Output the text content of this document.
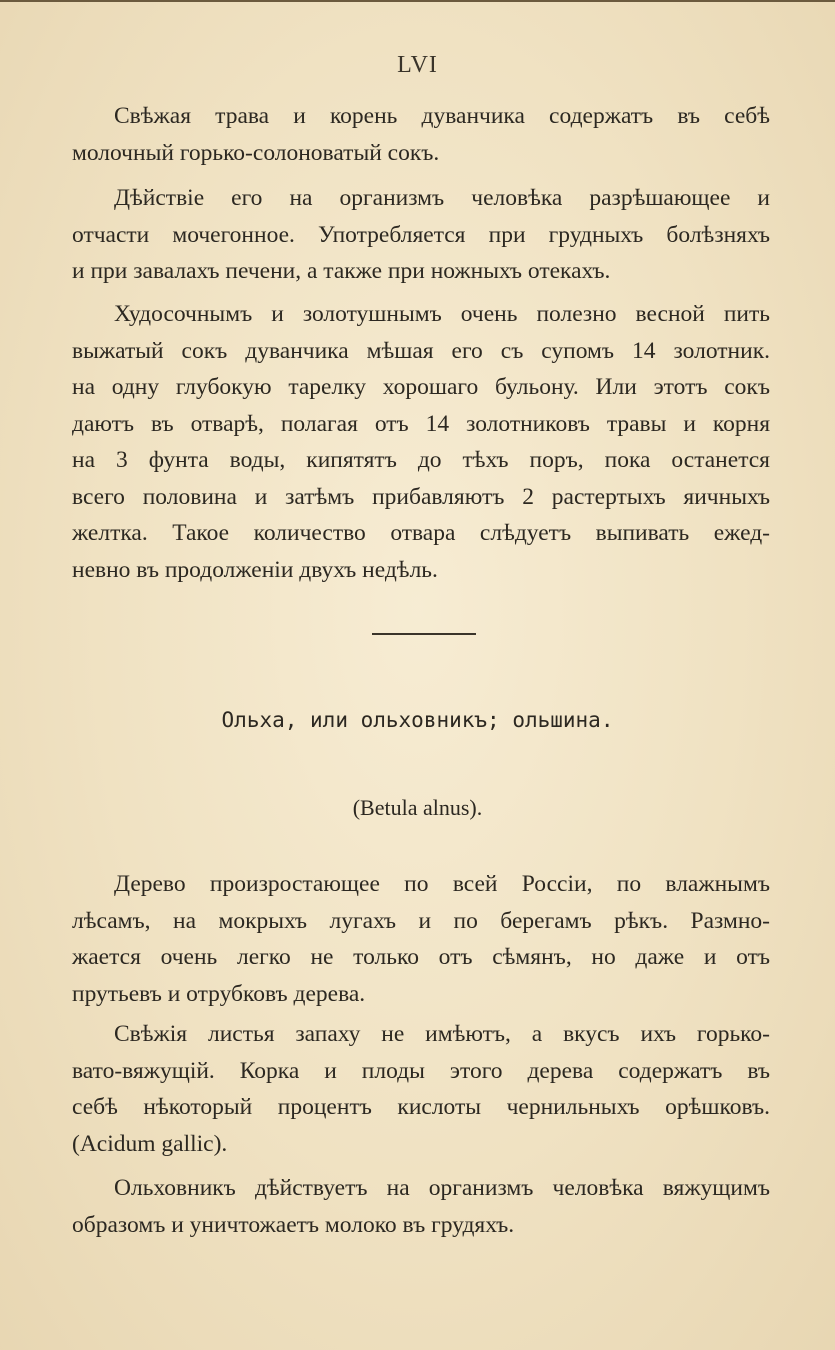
LVI

Свѣжая трава и корень дуванчика содержатъ въ себѣ
молочный горько-солоноватый сокъ.

Дѣйствіе его на организмъ человѣка разрѣшающее и
отчасти мочегонное. Употребляется при грудныхъ болѣзняхъ
и при завалахъ печени, а также при ножныхъ отекахъ.

Худосочнымъ и золотушнымъ очень полезно весной пить
выжатый сокъ дуванчика мѣшая его съ супомъ 14 золотник.
на одну глубокую тарелку хорошаго бульону. Или этотъ сокъ
даютъ въ отварѣ, полагая отъ 14 золотниковъ травы и корня
на 3 фунта воды, кипятятъ до тѣхъ поръ, пока останется
всего половина и затѣмъ прибавляютъ 2 растертыхъ яичныхъ
желтка. Такое количество отвара слѣдуетъ выпивать ежед-
невно въ продолженіи двухъ недѣль.

Ольха, или ольховникъ; ольшина.
(Betula alnus).

Дерево произростающее по всей Россіи, по влажнымъ
лѣсамъ, на мокрыхъ лугахъ и по берегамъ рѣкъ. Размно-
жается очень легко не только отъ сѣмянъ, но даже и отъ
прутьевъ и отрубковъ дерева.

Свѣжія листья запаху не имѣютъ, а вкусъ ихъ горько-
вато-вяжущій. Корка и плоды этого дерева содержатъ въ
себѣ нѣкоторый процентъ кислоты чернильныхъ орѣшковъ.
(Acidum gallic).

Ольховникъ дѣйствуетъ на организмъ человѣка вяжущимъ
образомъ и уничтожаетъ молоко въ грудяхъ.
